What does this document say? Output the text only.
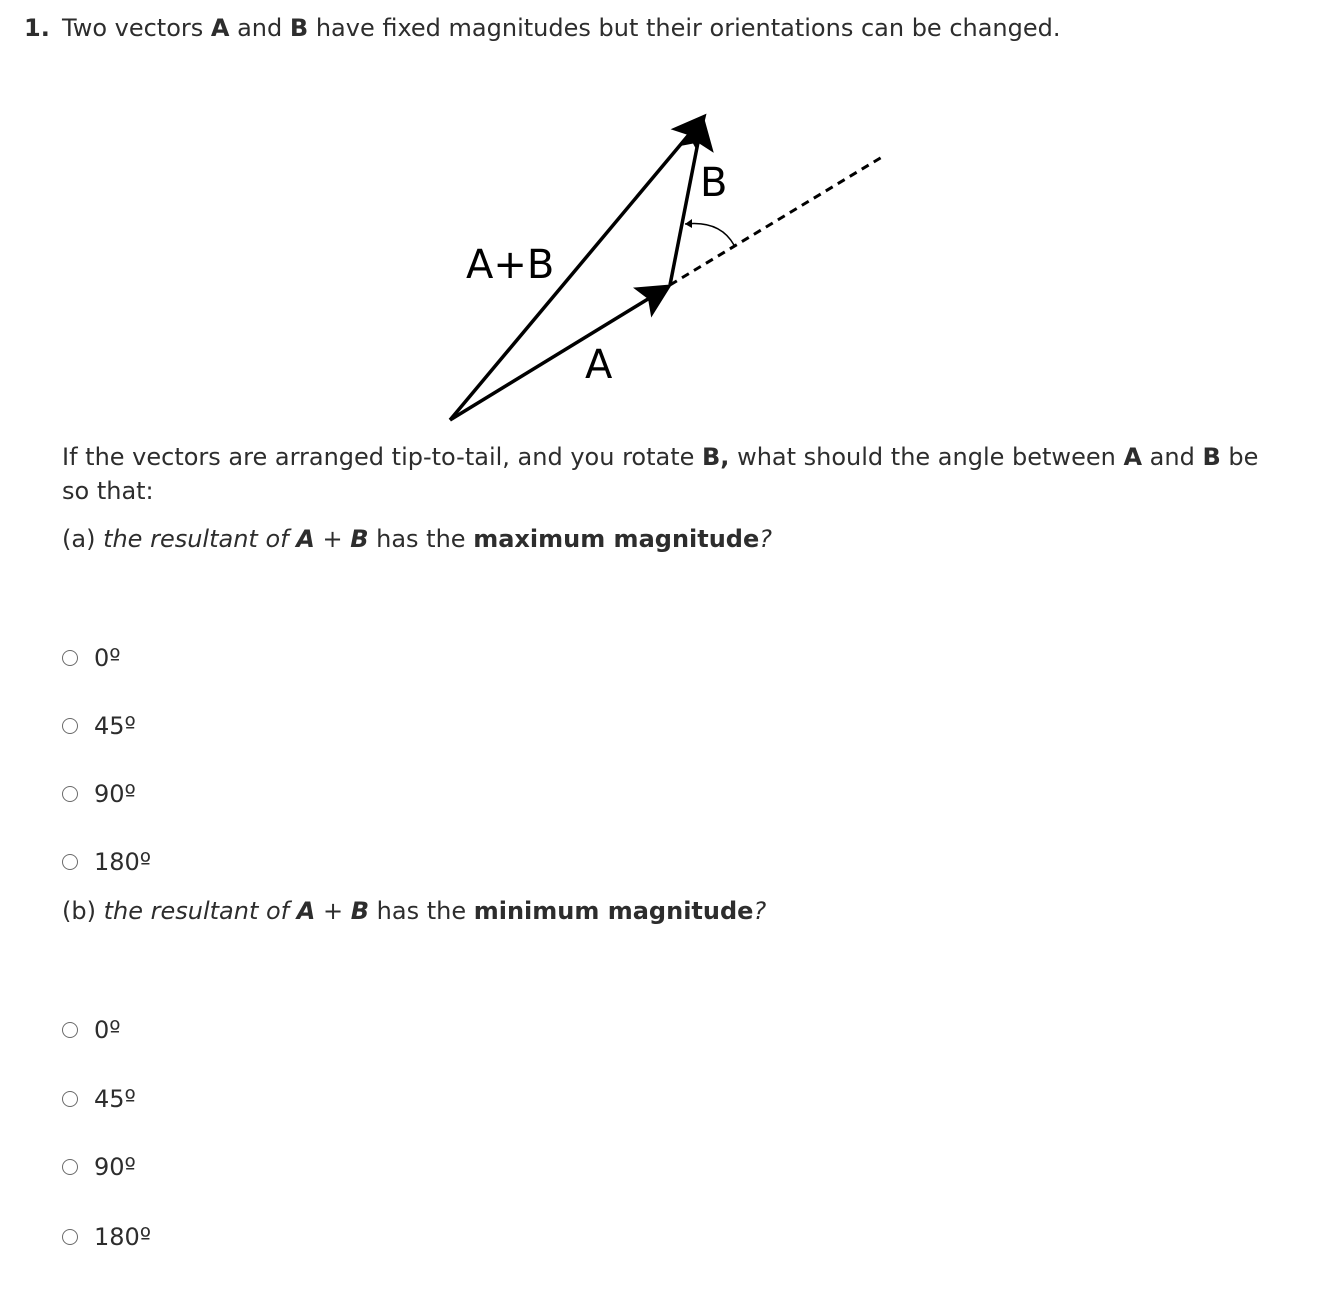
1. Two vectors A and B have fixed magnitudes but their orientations can be changed.
A+B
B
A
If the vectors are arranged tip-to-tail, and you rotate B, what should the angle between A and B be so that:
(a) the resultant of A + B has the maximum magnitude?
0º
45º
90º
180º
(b) the resultant of A + B has the minimum magnitude?
0º
45º
90º
180º
